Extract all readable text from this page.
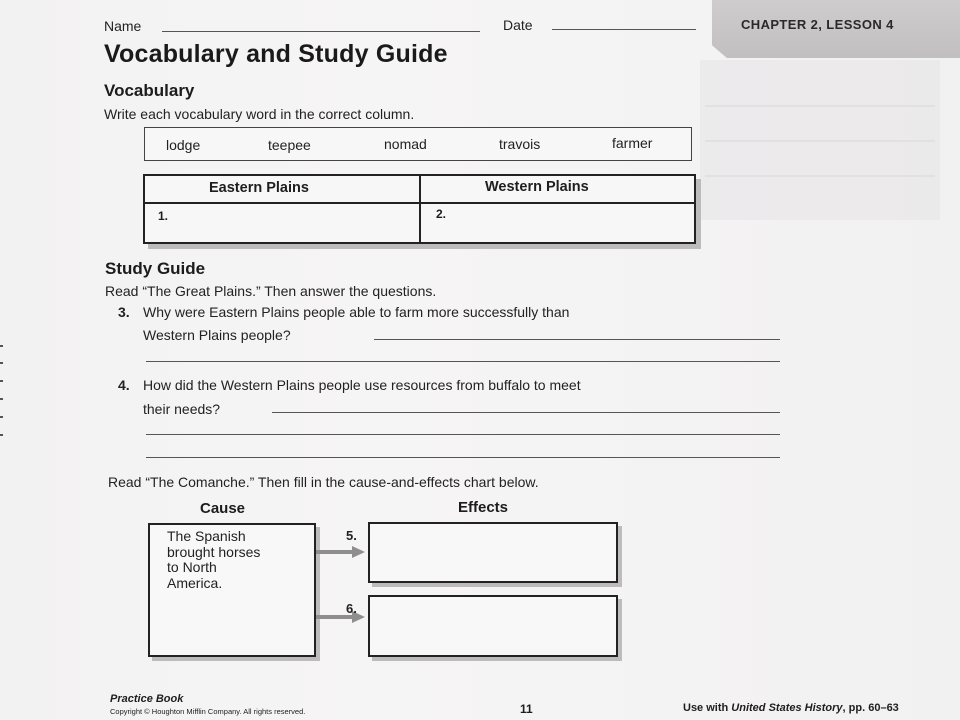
CHAPTER 2, LESSON 4
Name	Date
Vocabulary and Study Guide
Vocabulary
Write each vocabulary word in the correct column.
lodge	teepee	nomad	travois	farmer
Eastern Plains	Western Plains
1.	2.
Study Guide
Read “The Great Plains.” Then answer the questions.
3. Why were Eastern Plains people able to farm more successfully than
Western Plains people?
4. How did the Western Plains people use resources from buffalo to meet
their needs?
Read “The Comanche.” Then fill in the cause-and-effects chart below.
Cause	Effects
The Spanish
brought horses
to North
America.
5.
6.
Practice Book
Copyright © Houghton Mifflin Company. All rights reserved.	11	Use with United States History, pp. 60–63
